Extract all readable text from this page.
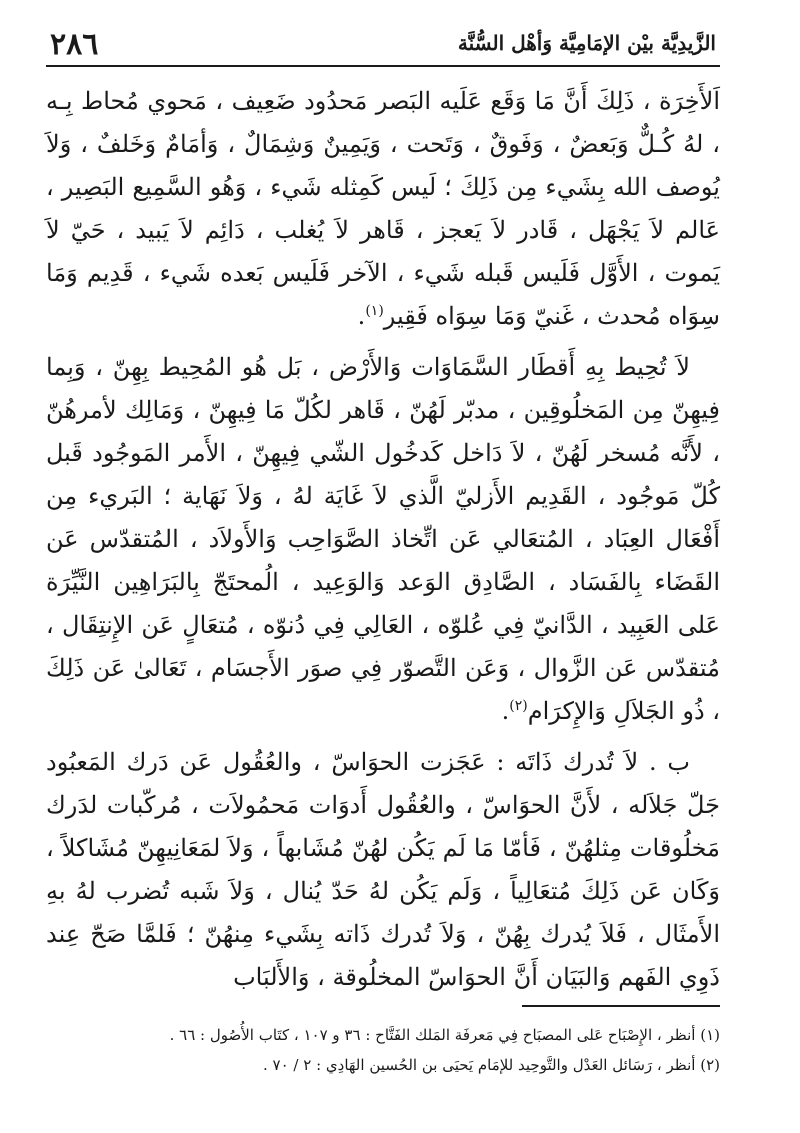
الزَّيدِيَّة بيْن الإمَامِيَّة وَأهْل السُّنَّة
٢٨٦

اَلأَخِرَة ، ذَلِكَ أَنَّ مَا وَقَع عَلَيه البَصر مَحدُود ضَعِيف ، مَحوي مُحاط بِـه ، لهُ كُـلٌّ وَبَعضٌ ، وَفَوقٌ ، وَتَحت ، وَيَمِينٌ وَشِمَالٌ ، وَأمَامٌ وَخَلفٌ ، وَلاَ يُوصف الله بِشَيء مِن ذَلِكَ ؛ لَيس كَمِثله شَيء ، وَهُو السَّمِيع البَصِير ، عَالم لاَ يَجْهَل ، قَادر لاَ يَعجز ، قَاهر لاَ يُغلب ، دَائِم لاَ يَبيد ، حَيّ لاَ يَموت ، الأَوَّل فَلَيس قَبله شَيء ، الآخر فَلَيس بَعده شَيء ، قَدِيم وَمَا سِوَاه مُحدث ، غَنيّ وَمَا سِوَاه فَقِير$^{(١)}$.

لاَ تُحِيط بِهِ أَقطَار السَّمَاوَات وَالأَرْض ، بَل هُو المُحِيط بِهِنّ ، وَبِما فِيهِنّ مِن المَخلُوقِين ، مدبّر لَهُنّ ، قَاهر لكُلّ مَا فِيهِنّ ، وَمَالِك لأمرهُنّ ، لأَنَّه مُسخر لَهُنّ ، لاَ دَاخل كَدخُول الشّي فِيهِنّ ، الأَمر المَوجُود قَبل كُلّ مَوجُود ، القَدِيم الأَزليّ الَّذي لاَ غَايَة لهُ ، وَلاَ نَهَاية ؛ البَريء مِن أَفْعَال العِبَاد ، المُتعَالي عَن اتِّخاذ الصَّوَاحِب وَالأَولاَد ، المُتقدّس عَن القَضَاء بِالفَسَاد ، الصَّادِق الوَعد وَالوَعِيد ، الُمحتَجّ بِالبَرَاهِين النَّيِّرَة عَلى العَبِيد ، الدَّانيّ فِي عُلوّه ، العَالِي فِي دُنوّه ، مُتعَالٍ عَن الإِنتِقَال ، مُتقدّس عَن الزَّوال ، وَعَن التَّصوّر فِي صوَر الأَجسَام ، تَعَالىٰ عَن ذَلِكَ ، ذُو الجَلاَلِ وَالإِكرَام$^{(٢)}$.

ب . لاَ تُدرك ذَاتَه : عَجَزت الحوَاسّ ، والعُقُول عَن دَرك المَعبُود جَلّ جَلاَله ، لأَنَّ الحوَاسّ ، والعُقُول أَدوَات مَحمُولاَت ، مُركّبات لدَرك مَخلُوقات مِثلهُنّ ، فَأمّا مَا لَم يَكُن لهُنّ مُشَابهاً ، وَلاَ لمَعَانِيهِنّ مُشَاكلاً ، وَكَان عَن ذَلِكَ مُتعَالِياً ، وَلَم يَكُن لهُ حَدّ يُنال ، وَلاَ شَبه تُضرب لهُ بهِ الأَمثَال ، فَلاَ يُدرك بِهُنّ ، وَلاَ تُدرك ذَاته بِشَيء مِنهُنّ ؛ فَلمَّا صَحّ عِند ذَوِي الفَهم وَالبَيَان أَنَّ الحوَاسّ المخلُوقة ، وَالأَلبَاب

(١) أنظر ، الإِصْبَاح عَلى المصبَاح فِي مَعرفَة المَلك الفَتَّاح : ٣٦ و ١٠٧ ، كتَاب الأُصُول : ٦٦ .

(٢) أنظر ، رَسَائل العَدْل والتَّوحِيد للإمَام يَحيَى بن الحُسين الهَادِي : ٢ / ٧٠ .
